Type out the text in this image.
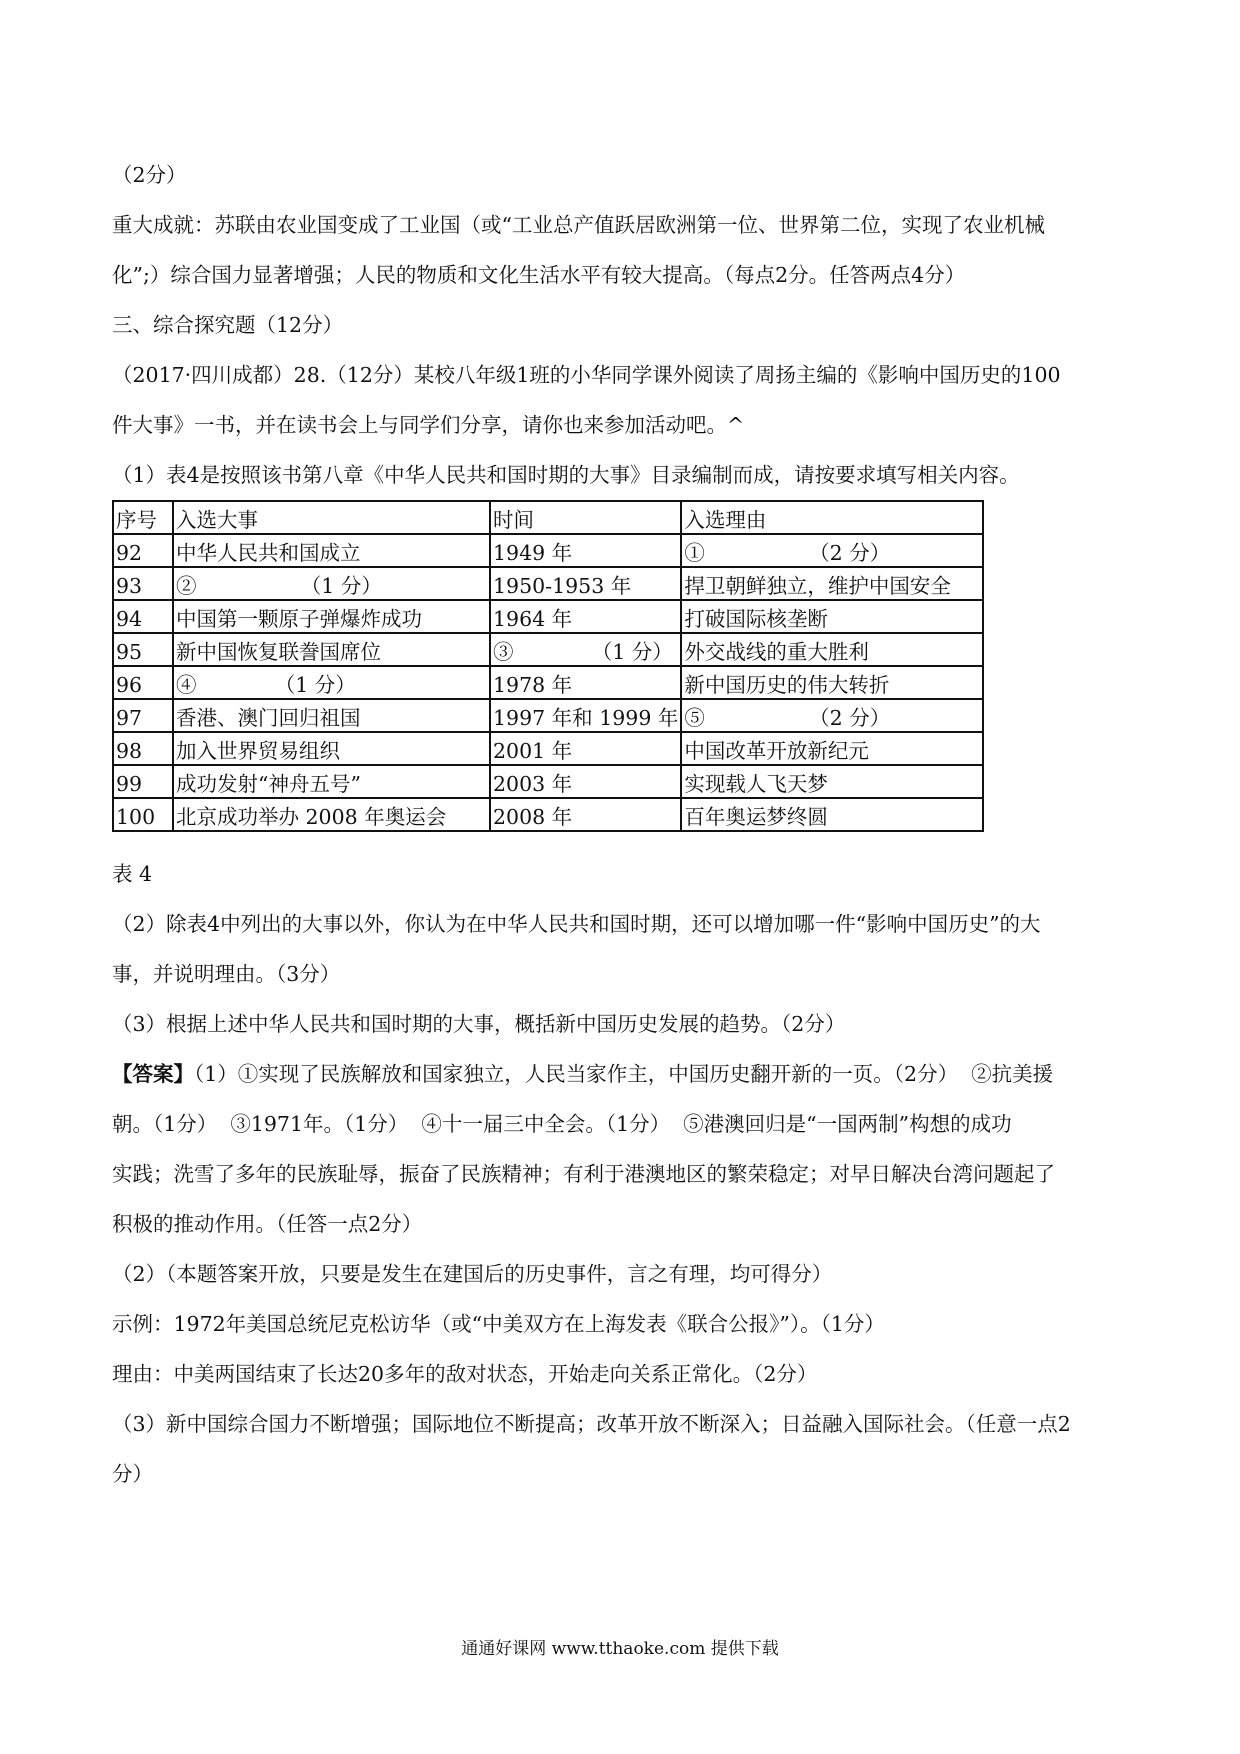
（2分）

重大成就：苏联由农业国变成了工业国（或“工业总产值跃居欧洲第一位、世界第二位，实现了农业机械

化”;）综合国力显著增强；人民的物质和文化生活水平有较大提高。（每点2分。任答两点4分）

三、综合探究题（12分）

（2017·四川成都）28.（12分）某校八年级1班的小华同学课外阅读了周扬主编的《影响中国历史的100

件大事》一书，并在读书会上与同学们分享，请你也来参加活动吧。^

（1）表4是按照该书第八章《中华人民共和国时期的大事》目录编制而成，请按要求填写相关内容。

序号	入选大事	时间	入选理由
92	中华人民共和国成立	1949 年	①                （2 分）
93	②                （1 分）	1950-1953 年	捍卫朝鲜独立，维护中国安全
94	中国第一颗原子弹爆炸成功	1964 年	打破国际核垄断
95	新中国恢复联誊国席位	③            （1 分）	外交战线的重大胜利
96	④            （1 分）	1978 年	新中国历史的伟大转折
97	香港、澳门回归祖国	1997 年和 1999 年	⑤                （2 分）
98	加入世界贸易组织	2001 年	中国改革开放新纪元
99	成功发射“神舟五号”	2003 年	实现载人飞天梦
100	北京成功举办 2008 年奥运会	2008 年	百年奥运梦终圆

表 4

（2）除表4中列出的大事以外，你认为在中华人民共和国时期，还可以增加哪一件“影响中国历史”的大

事，并说明理由。（3分）

（3）根据上述中华人民共和国时期的大事，概括新中国历史发展的趋势。（2分）

【答案】（1）①实现了民族解放和国家独立，人民当家作主，中国历史翻开新的一页。（2分）  ②抗美援

朝。（1分）  ③1971年。（1分）  ④十一届三中全会。（1分）  ⑤港澳回归是“一国两制”构想的成功

实践；洗雪了多年的民族耻辱，振奋了民族精神；有利于港澳地区的繁荣稳定；对早日解决台湾问题起了

积极的推动作用。（任答一点2分）

（2）（本题答案开放，只要是发生在建国后的历史事件，言之有理，均可得分）

示例：1972年美国总统尼克松访华（或“中美双方在上海发表《联合公报》”）。（1分）

理由：中美两国结束了长达20多年的敌对状态，开始走向关系正常化。（2分）

（3）新中国综合国力不断增强；国际地位不断提高；改革开放不断深入；日益融入国际社会。（任意一点2

分）

通通好课网 www.tthaoke.com 提供下载
